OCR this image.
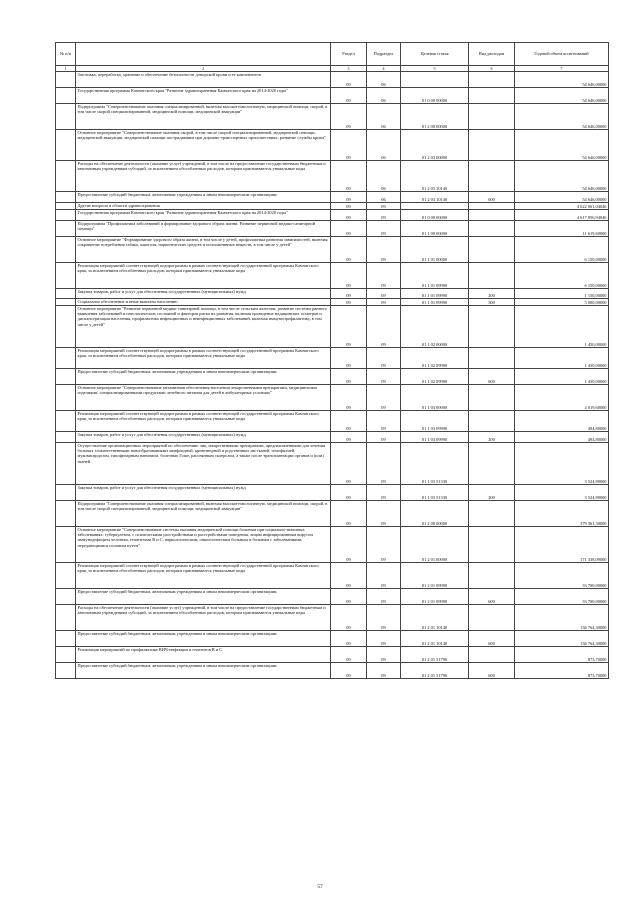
№ п/п		Раздел	Подраздел	Целевая статья	Вид расходов	Годовой объем ассигнований
1	2	3	4	5	6	7
	Заготовка, переработка, хранение и обеспечение безопасности донорской крови и ее компонентов	09	06			54 646,00000
	Государственная программа Камчатского края "Развитие здравоохранения Камчатского края на 2014-2020 годы"	09	06	01 0 00 00000		54 646,00000
	Подпрограмма "Совершенствование оказания специализированной, включая высокотехнологичную, медицинской помощи, скорой, в том числе скорой специализированной, медицинской помощи, медицинской эвакуации"	09	06	01 2 00 00000		54 646,00000
	Основное мероприятие "Совершенствование оказания скорой, в том числе скорой специализированной, медицинской помощи, медицинской эвакуации, медицинской помощи пострадавшим при дорожно-транспортных происшествиях, развитие службы крови"	09	06	01 2 03 00000		54 646,00000
	Расходы на обеспечение деятельности (оказание услуг) учреждений, в том числе на предоставление государственным бюджетным и автономным учреждениям субсидий, за исключением обособленных расходов, которым присваиваются уникальные коды	09	06	01 2 03 10140		54 646,00000
	Предоставление субсидий бюджетным, автономным учреждениям и иным некоммерческим организациям	09	06	01 2 03 10140	600	54 646,00000
	Другие вопросы в области здравоохранения	09	09			4 622 061,04046
	Государственная программа Камчатского края "Развитие здравоохранения Камчатского края на 2014-2020 годы"	09	09	01 0 00 00000		4 617 856,94046
	Подпрограмма "Профилактика заболеваний и формирование здорового образа жизни. Развитие первичной медико-санитарной помощи"	09	09	01 1 00 00000		11 619,60000
	Основное мероприятие "Формирование здорового образа жизни, в том числе у детей, профилактика развития зависимостей, включая сокращение потребления табака, алкоголя, наркотических средств и психоактивных веществ, в том числе у детей"	09	09	01 1 01 00000		6 150,00000
	Реализация мероприятий соответствующей подпрограммы в рамках соответствующей государственной программы Камчатского края, за исключением обособленных расходов, которым присваиваются уникальные коды	09	09	01 1 01 09990		6 150,00000
	Закупка товаров, работ и услуг для обеспечения государственных (муниципальных) нужд	09	09	01 1 01 09990	200	1 150,00000
	Социальное обеспечение и иные выплаты населению	09	09	01 1 01 09990	300	5 000,00000
	Основное мероприятие "Развитие первичной медико-санитарной помощи, в том числе сельским жителям, развитие системы раннего выявления заболеваний и патологических состояний и факторов риска их развития, включая проведение медицинских осмотров и диспансеризации населения, профилактика инфекционных и неинфекционных заболеваний, включая иммунопрофилактику, в том числе у детей"	09	09	01 1 02 00000		1 450,00000
	Реализация мероприятий соответствующей подпрограммы в рамках соответствующей государственной программы Камчатского края, за исключением обособленных расходов, которым присваиваются уникальные коды	09	09	01 1 02 09990		1 450,00000
	Предоставление субсидий бюджетным, автономным учреждениям и иным некоммерческим организациям	09	09	01 1 02 09990	600	1 450,00000
	Основное мероприятие "Совершенствование механизмов обеспечения населения лекарственными препаратами, медицинскими изделиями, специализированными продуктами лечебного питания для детей в амбулаторных условиях"	09	09	01 1 03 00000		4 019,60000
	Реализация мероприятий соответствующей подпрограммы в рамках соответствующей государственной программы Камчатского края, за исключением обособленных расходов, которым присваиваются уникальные коды	09	09	01 1 03 09990		494,80000
	Закупка товаров, работ и услуг для обеспечения государственных (муниципальных) нужд	09	09	01 1 03 09990	200	494,80000
	Осуществление организационных мероприятий по обеспечению лиц лекарственными препаратами, предназначенными для лечения больных злокачественными новообразованиями лимфоидной, кроветворной и родственных им тканей, гемофилией, муковисцидозом, гипофизарным нанизмом, болезнью Гоше, рассеянным склерозом, а также после трансплантации органов и (или) тканей	09	09	01 1 03 51330		3 524,80000
	Закупка товаров, работ и услуг для обеспечения государственных (муниципальных) нужд	09	09	01 1 03 51330	200	3 524,80000
	Подпрограмма "Совершенствование оказания специализированной, включая высокотехнологичную, медицинской помощи, скорой, в том числе скорой специализированной, медицинской помощи, медицинской эвакуации"	09	09	01 2 00 00000		379 361,30000
	Основное мероприятие "Совершенствование системы оказания медицинской помощи больным при социально-значимых заболеваниях: туберкулезом, с психическими расстройствами и расстройствами поведения, лицам инфицированным вирусом иммунодефицита человека, гепатитами В и С, наркологическим, онкологическим больным и больным с заболеваниями, передающимися половым путем"	09	09	01 2 01 00000		171 338,09000
	Реализация мероприятий соответствующей подпрограммы в рамках соответствующей государственной программы Камчатского края, за исключением обособленных расходов, которым присваиваются уникальные коды	09	09	01 2 01 09990		33 700,00000
	Предоставление субсидий бюджетным, автономным учреждениям и иным некоммерческим организациям	09	09	01 2 01 09990	600	33 700,00000
	Расходы на обеспечение деятельности (оказание услуг) учреждений, в том числе на предоставление государственным бюджетным и автономным учреждениям субсидий, за исключением обособленных расходов, которым присваиваются уникальные коды	09	09	01 2 01 10140		136 764,30000
	Предоставление субсидий бюджетным, автономным учреждениям и иным некоммерческим организациям	09	09	01 2 01 10140	600	136 764,30000
	Реализация мероприятий по профилактике ВИЧ-инфекции и гепатитов В и С	09	09	01 2 01 51790		873,70000
	Предоставление субсидий бюджетным, автономным учреждениям и иным некоммерческим организациям	09	09	01 2 01 51790	600	873,70000
57
